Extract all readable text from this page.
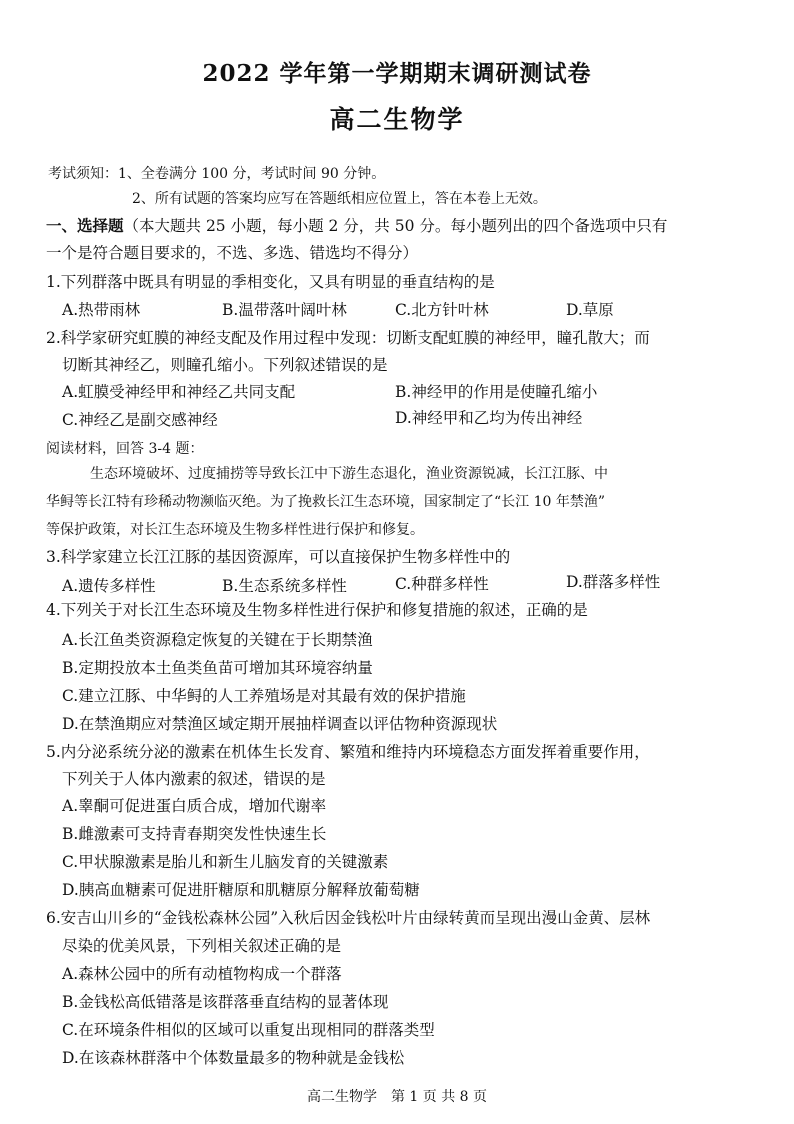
2022 学年第一学期期末调研测试卷
高二生物学
考试须知：1、全卷满分 100 分，考试时间 90 分钟。
2、所有试题的答案均应写在答题纸相应位置上，答在本卷上无效。
一、选择题（本大题共 25 小题，每小题 2 分，共 50 分。每小题列出的四个备选项中只有
一个是符合题目要求的，不选、多选、错选均不得分）
1.下列群落中既具有明显的季相变化，又具有明显的垂直结构的是
A.热带雨林	B.温带落叶阔叶林	C.北方针叶林	D.草原
2.科学家研究虹膜的神经支配及作用过程中发现：切断支配虹膜的神经甲，瞳孔散大；而
切断其神经乙，则瞳孔缩小。下列叙述错误的是
A.虹膜受神经甲和神经乙共同支配	B.神经甲的作用是使瞳孔缩小
C.神经乙是副交感神经	D.神经甲和乙均为传出神经
阅读材料，回答 3-4 题：
生态环境破坏、过度捕捞等导致长江中下游生态退化，渔业资源锐减，长江江豚、中
华鲟等长江特有珍稀动物濒临灭绝。为了挽救长江生态环境，国家制定了“长江 10 年禁渔”
等保护政策，对长江生态环境及生物多样性进行保护和修复。
3.科学家建立长江江豚的基因资源库，可以直接保护生物多样性中的
A.遗传多样性	B.生态系统多样性	C.种群多样性	D.群落多样性
4.下列关于对长江生态环境及生物多样性进行保护和修复措施的叙述，正确的是
A.长江鱼类资源稳定恢复的关键在于长期禁渔
B.定期投放本土鱼类鱼苗可增加其环境容纳量
C.建立江豚、中华鲟的人工养殖场是对其最有效的保护措施
D.在禁渔期应对禁渔区域定期开展抽样调查以评估物种资源现状
5.内分泌系统分泌的激素在机体生长发育、繁殖和维持内环境稳态方面发挥着重要作用，
下列关于人体内激素的叙述，错误的是
A.睾酮可促进蛋白质合成，增加代谢率
B.雌激素可支持青春期突发性快速生长
C.甲状腺激素是胎儿和新生儿脑发育的关键激素
D.胰高血糖素可促进肝糖原和肌糖原分解释放葡萄糖
6.安吉山川乡的“金钱松森林公园”入秋后因金钱松叶片由绿转黄而呈现出漫山金黄、层林
尽染的优美风景，下列相关叙述正确的是
A.森林公园中的所有动植物构成一个群落
B.金钱松高低错落是该群落垂直结构的显著体现
C.在环境条件相似的区域可以重复出现相同的群落类型
D.在该森林群落中个体数量最多的物种就是金钱松
高二生物学　第 1 页 共 8 页
